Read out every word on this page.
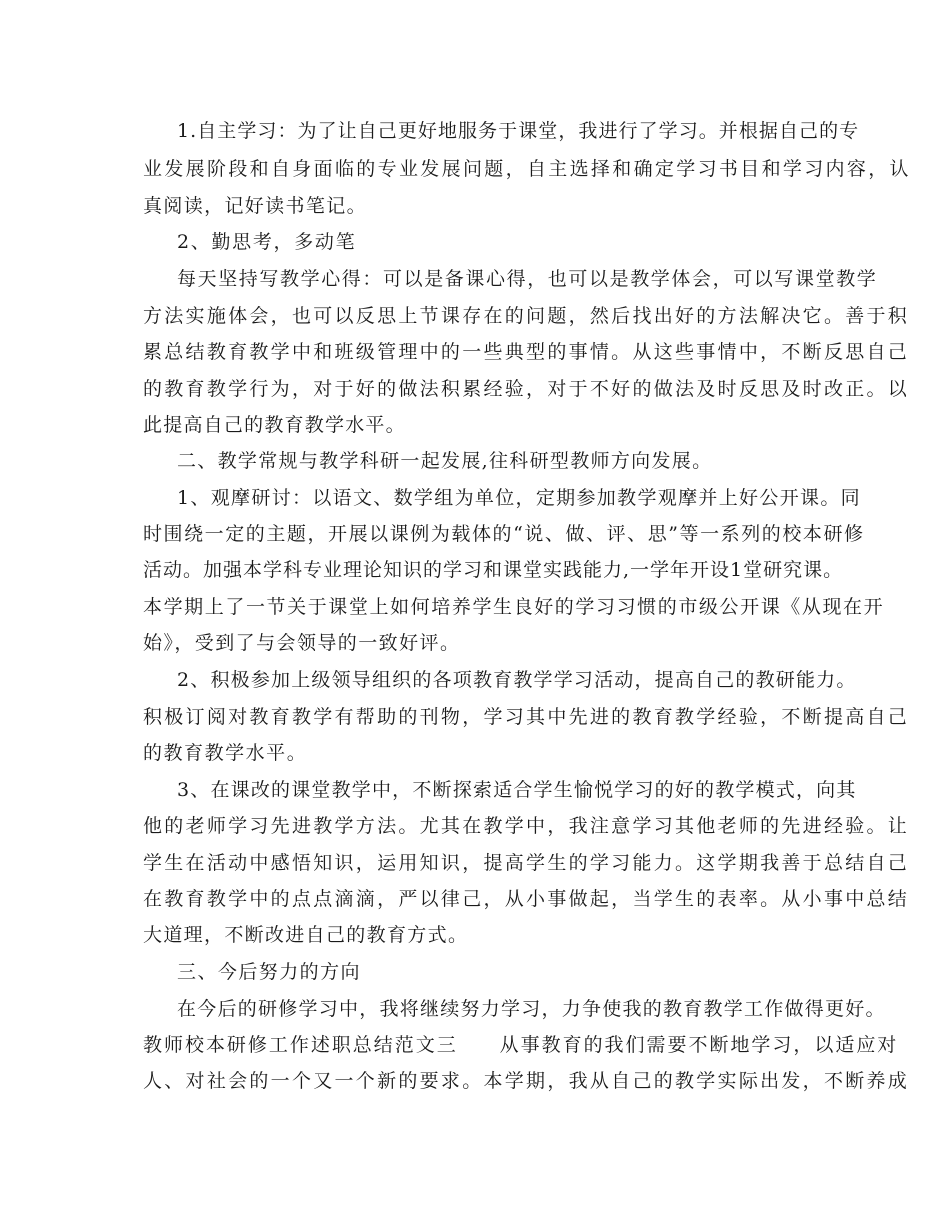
1.自主学习：为了让自己更好地服务于课堂，我进行了学习。并根据自己的专
业发展阶段和自身面临的专业发展问题，自主选择和确定学习书目和学习内容，认
真阅读，记好读书笔记。
2、勤思考，多动笔
每天坚持写教学心得：可以是备课心得，也可以是教学体会，可以写课堂教学
方法实施体会，也可以反思上节课存在的问题，然后找出好的方法解决它。善于积
累总结教育教学中和班级管理中的一些典型的事情。从这些事情中，不断反思自己
的教育教学行为，对于好的做法积累经验，对于不好的做法及时反思及时改正。以
此提高自己的教育教学水平。
二、教学常规与教学科研一起发展,往科研型教师方向发展。
1、观摩研讨：以语文、数学组为单位，定期参加教学观摩并上好公开课。同
时围绕一定的主题，开展以课例为载体的“说、做、评、思”等一系列的校本研修
活动。加强本学科专业理论知识的学习和课堂实践能力,一学年开设1堂研究课。
本学期上了一节关于课堂上如何培养学生良好的学习习惯的市级公开课《从现在开
始》，受到了与会领导的一致好评。
2、积极参加上级领导组织的各项教育教学学习活动，提高自己的教研能力。
积极订阅对教育教学有帮助的刊物，学习其中先进的教育教学经验，不断提高自己
的教育教学水平。
3、在课改的课堂教学中，不断探索适合学生愉悦学习的好的教学模式，向其
他的老师学习先进教学方法。尤其在教学中，我注意学习其他老师的先进经验。让
学生在活动中感悟知识，运用知识，提高学生的学习能力。这学期我善于总结自己
在教育教学中的点点滴滴，严以律己，从小事做起，当学生的表率。从小事中总结
大道理，不断改进自己的教育方式。
三、今后努力的方向
在今后的研修学习中，我将继续努力学习，力争使我的教育教学工作做得更好。
教师校本研修工作述职总结范文三　　从事教育的我们需要不断地学习，以适应对
人、对社会的一个又一个新的要求。本学期，我从自己的教学实际出发，不断养成
